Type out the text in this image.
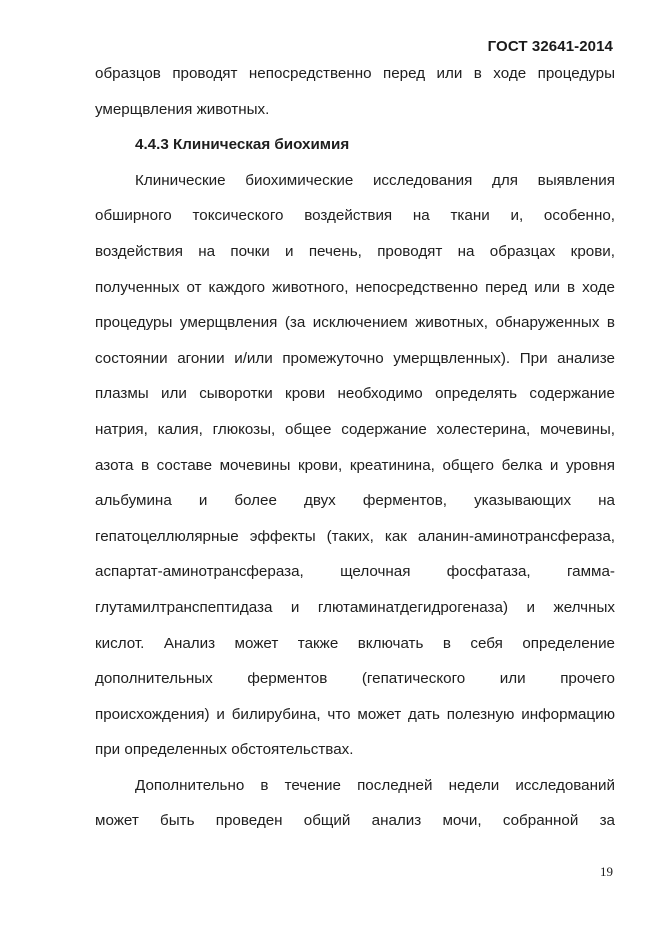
ГОСТ 32641-2014
образцов проводят непосредственно перед или в ходе процедуры
умерщвления животных.
4.4.3 Клиническая биохимия
Клинические биохимические исследования для выявления
обширного токсического воздействия на ткани и, особенно,
воздействия на почки и печень, проводят на образцах крови,
полученных от каждого животного, непосредственно перед или в ходе
процедуры умерщвления (за исключением животных, обнаруженных в
состоянии агонии и/или промежуточно умерщвленных). При анализе
плазмы или сыворотки крови необходимо определять содержание
натрия, калия, глюкозы, общее содержание холестерина, мочевины,
азота в составе мочевины крови, креатинина, общего белка и уровня
альбумина и более двух ферментов, указывающих на
гепатоцеллюлярные эффекты (таких, как аланин-аминотрансфераза,
аспартат-аминотрансфераза, щелочная фосфатаза, гамма-
глутамилтранспептидаза и глютаминатдегидрогеназа) и желчных
кислот. Анализ может также включать в себя определение
дополнительных ферментов (гепатического или прочего
происхождения) и билирубина, что может дать полезную информацию
при определенных обстоятельствах.
Дополнительно в течение последней недели исследований
может быть проведен общий анализ мочи, собранной за
19
